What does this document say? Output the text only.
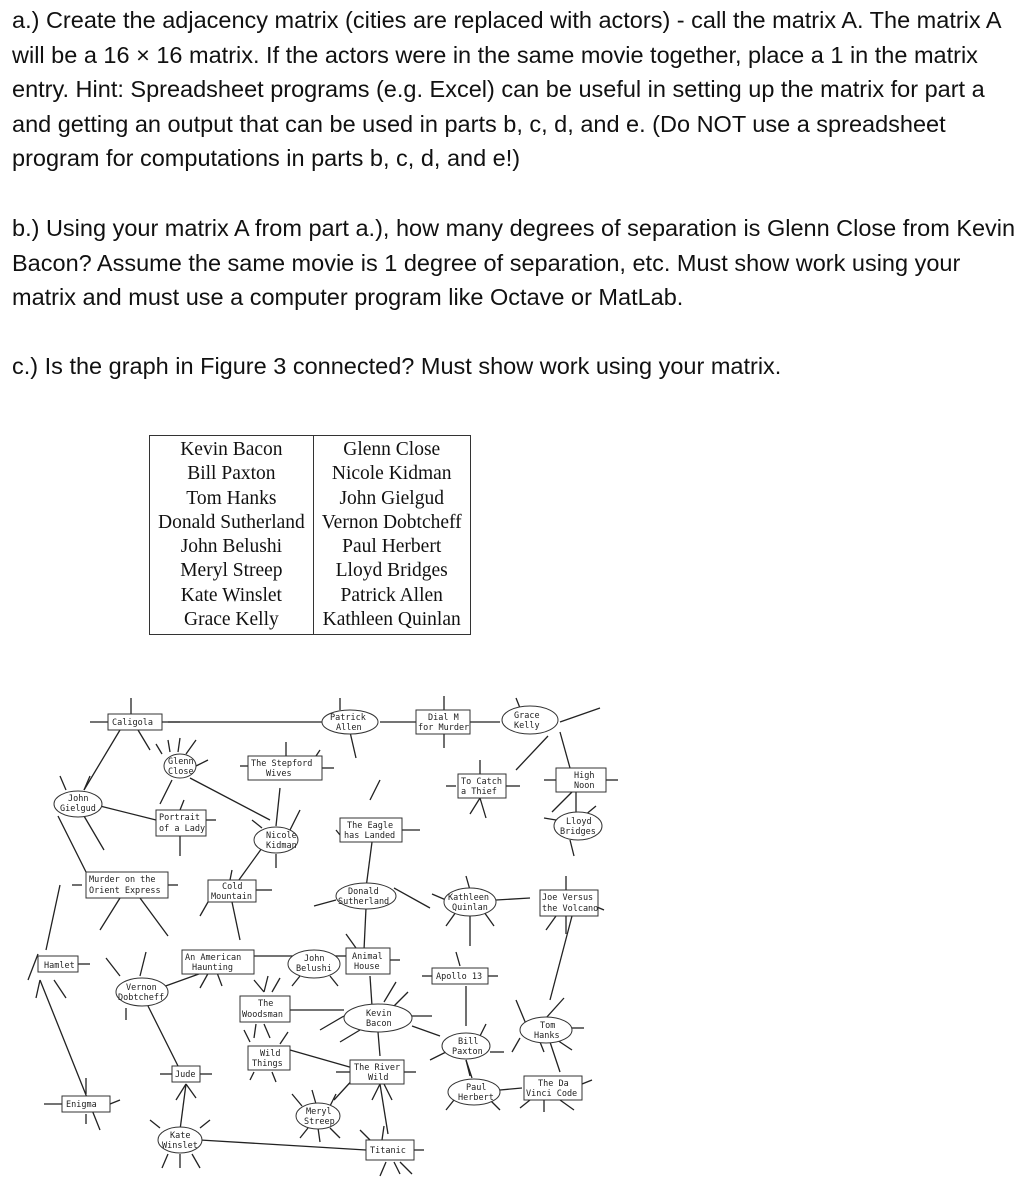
a.) Create the adjacency matrix (cities are replaced with actors) - call the matrix A. The matrix A will be a 16 × 16 matrix. If the actors were in the same movie together, place a 1 in the matrix entry. Hint: Spreadsheet programs (e.g. Excel) can be useful in setting up the matrix for part a and getting an output that can be used in parts b, c, d, and e. (Do NOT use a spreadsheet program for computations in parts b, c, d, and e!)

b.) Using your matrix A from part a.), how many degrees of separation is Glenn Close from Kevin Bacon? Assume the same movie is 1 degree of separation, etc. Must show work using your matrix and must use a computer program like Octave or MatLab.

c.) Is the graph in Figure 3 connected? Must show work using your matrix.

Kevin Bacon	Glenn Close
Bill Paxton	Nicole Kidman
Tom Hanks	John Gielgud
Donald Sutherland	Vernon Dobtcheff
John Belushi	Paul Herbert
Meryl Streep	Lloyd Bridges
Kate Winslet	Patrick Allen
Grace Kelly	Kathleen Quinlan
Caligola
The Stepford
Wives
Portrait
of a Lady
Murder on the
Orient Express	Cold
Mountain
The Eagle
has Landed
Dial M
for Murder
To Catch
a Thief
High
Noon
Joe Versus
the Volcano
Hamlet
An American
Haunting
Animal
House
Apollo 13
The
Woodsman
Wild
Things	The River
Wild
Jude
The Da
Vinci Code
Enigma
Titanic
Glenn
Close
John
Gielgud
Patrick
Allen
Grace
Kelly
Nicole
Kidman
Lloyd
Bridges
Donald
Sutherland	Kathleen
Quinlan
John
Belushi
Vernon
Dobtcheff
Kevin
Bacon	Tom
Hanks
Bill
Paxton
Paul
Herbert
Meryl
Streep
Kate
Winslet
